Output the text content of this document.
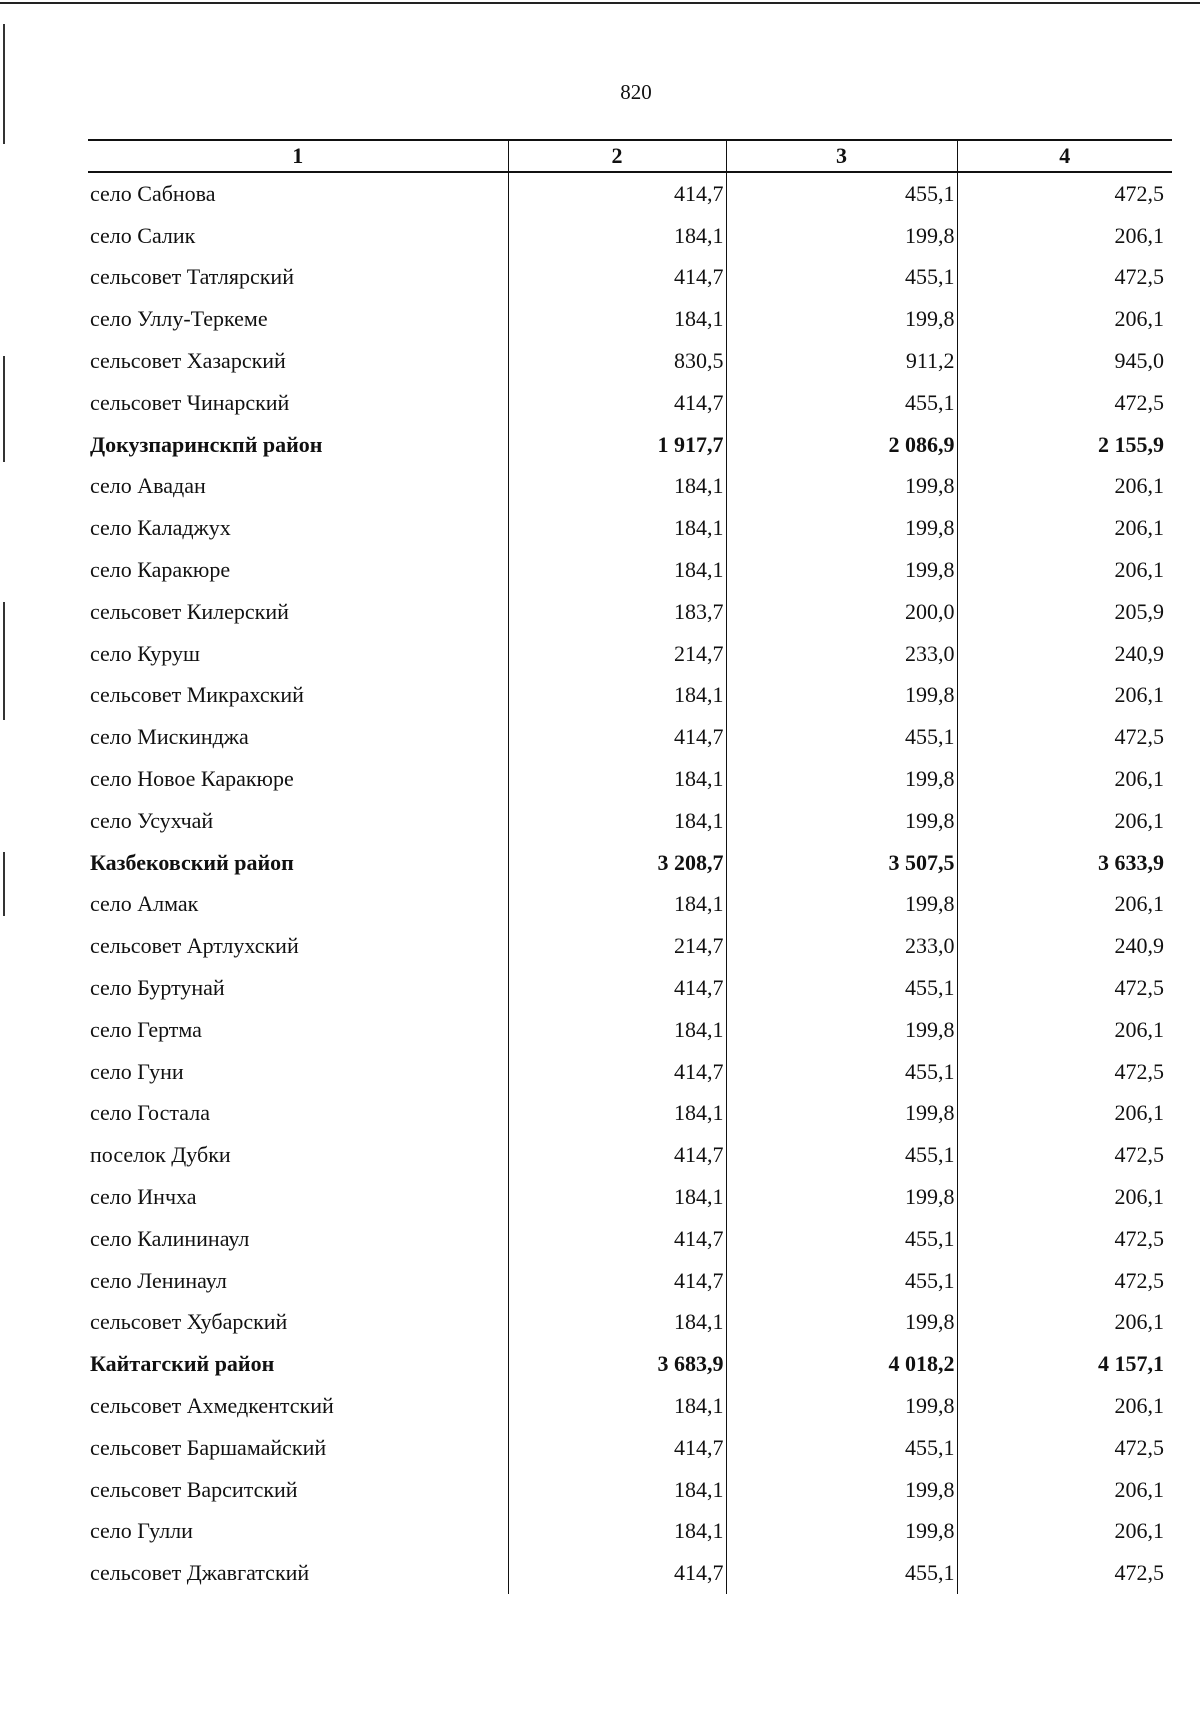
820
1	2	3	4
село Сабнова	414,7	455,1	472,5
село Салик	184,1	199,8	206,1
сельсовет Татлярский	414,7	455,1	472,5
село Уллу-Теркеме	184,1	199,8	206,1
сельсовет Хазарский	830,5	911,2	945,0
сельсовет Чинарский	414,7	455,1	472,5
Докузпаринскпй район	1 917,7	2 086,9	2 155,9
село Авадан	184,1	199,8	206,1
село Каладжух	184,1	199,8	206,1
село Каракюре	184,1	199,8	206,1
сельсовет Килерский	183,7	200,0	205,9
село Куруш	214,7	233,0	240,9
сельсовет Микрахский	184,1	199,8	206,1
село Мискинджа	414,7	455,1	472,5
село Новое Каракюре	184,1	199,8	206,1
село Усухчай	184,1	199,8	206,1
Казбековский райоп	3 208,7	3 507,5	3 633,9
село Алмак	184,1	199,8	206,1
сельсовет Артлухский	214,7	233,0	240,9
село Буртунай	414,7	455,1	472,5
село Гертма	184,1	199,8	206,1
село Гуни	414,7	455,1	472,5
село Гостала	184,1	199,8	206,1
поселок Дубки	414,7	455,1	472,5
село Инчха	184,1	199,8	206,1
село Калининаул	414,7	455,1	472,5
село Ленинаул	414,7	455,1	472,5
сельсовет Хубарский	184,1	199,8	206,1
Кайтагский район	3 683,9	4 018,2	4 157,1
сельсовет Ахмедкентский	184,1	199,8	206,1
сельсовет Баршамайский	414,7	455,1	472,5
сельсовет Варситский	184,1	199,8	206,1
село Гулли	184,1	199,8	206,1
сельсовет Джавгатский	414,7	455,1	472,5
